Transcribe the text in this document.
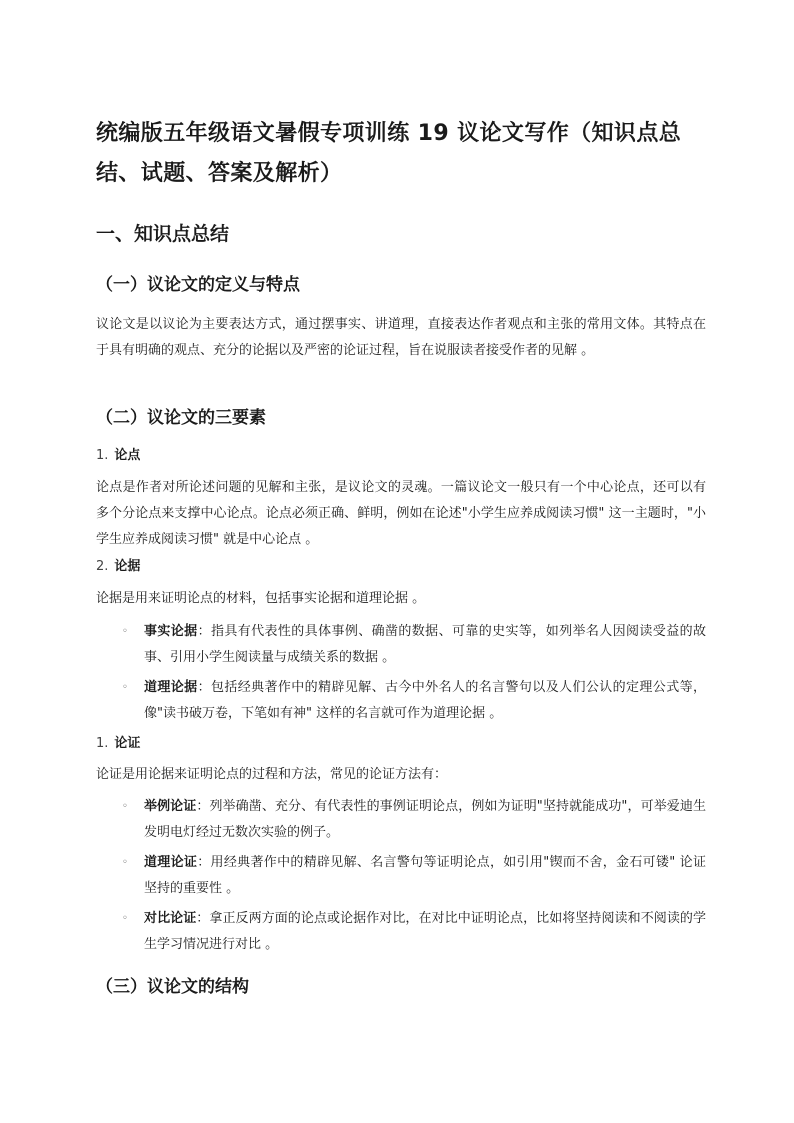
统编版五年级语文暑假专项训练 19 议论文写作（知识点总结、试题、答案及解析）
一、知识点总结
（一）议论文的定义与特点

议论文是以议论为主要表达方式，通过摆事实、讲道理，直接表达作者观点和主张的常用文体。其特点在于具有明确的观点、充分的论据以及严密的论证过程，旨在说服读者接受作者的见解 。

（二）议论文的三要素

1. 论点

论点是作者对所论述问题的见解和主张，是议论文的灵魂。一篇议论文一般只有一个中心论点，还可以有多个分论点来支撑中心论点。论点必须正确、鲜明，例如在论述"小学生应养成阅读习惯" 这一主题时，"小学生应养成阅读习惯" 就是中心论点 。

2. 论据

论据是用来证明论点的材料，包括事实论据和道理论据 。

◦ 事实论据：指具有代表性的具体事例、确凿的数据、可靠的史实等，如列举名人因阅读受益的故事、引用小学生阅读量与成绩关系的数据 。
◦ 道理论据：包括经典著作中的精辟见解、古今中外名人的名言警句以及人们公认的定理公式等，像"读书破万卷，下笔如有神" 这样的名言就可作为道理论据 。

1. 论证

论证是用论据来证明论点的过程和方法，常见的论证方法有：

◦ 举例论证：列举确凿、充分、有代表性的事例证明论点，例如为证明"坚持就能成功"，可举爱迪生发明电灯经过无数次实验的例子。
◦ 道理论证：用经典著作中的精辟见解、名言警句等证明论点，如引用"锲而不舍，金石可镂" 论证坚持的重要性 。
◦ 对比论证：拿正反两方面的论点或论据作对比，在对比中证明论点，比如将坚持阅读和不阅读的学生学习情况进行对比 。
（三）议论文的结构
